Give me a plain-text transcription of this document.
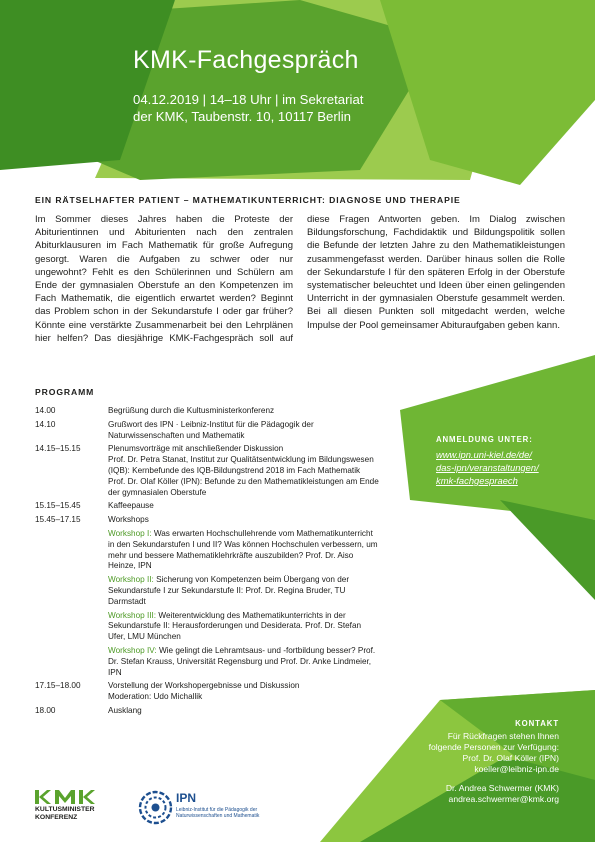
KMK-Fachgespräch
04.12.2019 | 14–18 Uhr | im Sekretariat
der KMK, Taubenstr. 10, 10117 Berlin
EIN RÄTSELHAFTER PATIENT – MATHEMATIKUNTERRICHT: DIAGNOSE UND THERAPIE

Im Sommer dieses Jahres haben die Proteste der Abiturientinnen und Abiturienten nach den zentralen Abiturklausuren im Fach Mathematik für große Aufregung gesorgt. Waren die Aufgaben zu schwer oder nur ungewohnt? Fehlt es den Schülerinnen und Schülern am Ende der gymnasialen Oberstufe an den Kompetenzen im Fach Mathematik, die eigentlich erwartet werden? Beginnt das Problem schon in der Sekundarstufe I oder gar früher? Könnte eine verstärkte Zusammenarbeit bei den Lehrplänen hier helfen? Das diesjährige KMK-Fachgespräch soll auf diese Fragen Antworten geben. Im Dialog zwischen Bildungsforschung, Fachdidaktik und Bildungspolitik sollen die Befunde der letzten Jahre zu den Mathematikleistungen zusammengefasst werden. Darüber hinaus sollen die Rolle der Sekundarstufe I für den späteren Erfolg in der Oberstufe systematischer beleuchtet und Ideen über einen gelingenden Unterricht in der gymnasialen Oberstufe gesammelt werden. Bei all diesen Punkten soll mitgedacht werden, welche Impulse der Pool gemeinsamer Abituraufgaben geben kann.

PROGRAMM
14.00	Begrüßung durch die Kultusministerkonferenz
14.10	Grußwort des IPN · Leibniz-Institut für die Pädagogik der Naturwissenschaften und Mathematik
14.15–15.15	Plenumsvorträge mit anschließender Diskussion
Prof. Dr. Petra Stanat, Institut zur Qualitätsentwicklung im Bildungswesen (IQB): Kernbefunde des IQB-Bildungstrend 2018 im Fach Mathematik
Prof. Dr. Olaf Köller (IPN): Befunde zu den Mathematikleistungen am Ende der gymnasialen Oberstufe
15.15–15.45	Kaffeepause
15.45–17.15	Workshops
Workshop I: Was erwarten Hochschullehrende vom Mathematikunterricht in den Sekundarstufen I und II? Was können Hochschulen verbessern, um mehr und bessere Mathematiklehrkräfte auszubilden? Prof. Dr. Aiso Heinze, IPN
Workshop II: Sicherung von Kompetenzen beim Übergang von der Sekundarstufe I zur Sekundarstufe II: Prof. Dr. Regina Bruder, TU Darmstadt
Workshop III: Weiterentwicklung des Mathematikunterrichts in der Sekundarstufe II: Herausforderungen und Desiderata. Prof. Dr. Stefan Ufer, LMU München
Workshop IV: Wie gelingt die Lehramtsaus- und -fortbildung besser? Prof. Dr. Stefan Krauss, Universität Regensburg und Prof. Dr. Anke Lindmeier, IPN
17.15–18.00	Vorstellung der Workshopergebnisse und Diskussion
Moderation: Udo Michallik
18.00	Ausklang
ANMELDUNG UNTER:
www.ipn.uni-kiel.de/de/
das-ipn/veranstaltungen/
kmk-fachgespraech
KONTAKT
Für Rückfragen stehen Ihnen
folgende Personen zur Verfügung:
Prof. Dr. Olaf Köller (IPN)
koeller@leibniz-ipn.de
Dr. Andrea Schwermer (KMK)
andrea.schwermer@kmk.org
KULTUSMINISTER
KONFERENZ
IPN
Leibniz-Institut für die Pädagogik der
Naturwissenschaften und Mathematik
